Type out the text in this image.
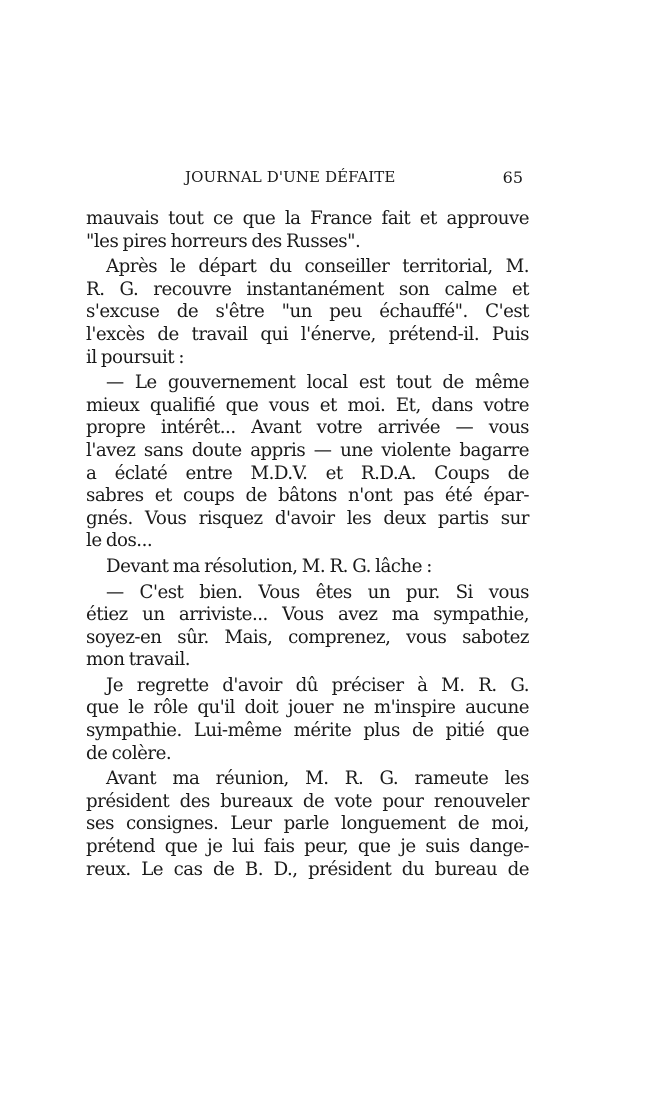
JOURNAL D'UNE DÉFAITE	65
mauvais tout ce que la France fait et approuve
"les pires horreurs des Russes".
Après le départ du conseiller territorial, M.
R. G. recouvre instantanément son calme et
s'excuse de s'être "un peu échauffé". C'est
l'excès de travail qui l'énerve, prétend-il. Puis
il poursuit :
— Le gouvernement local est tout de même
mieux qualifié que vous et moi. Et, dans votre
propre intérêt... Avant votre arrivée — vous
l'avez sans doute appris — une violente bagarre
a éclaté entre M.D.V. et R.D.A. Coups de
sabres et coups de bâtons n'ont pas été épar-
gnés. Vous risquez d'avoir les deux partis sur
le dos...
Devant ma résolution, M. R. G. lâche :
— C'est bien. Vous êtes un pur. Si vous
étiez un arriviste... Vous avez ma sympathie,
soyez-en sûr. Mais, comprenez, vous sabotez
mon travail.
Je regrette d'avoir dû préciser à M. R. G.
que le rôle qu'il doit jouer ne m'inspire aucune
sympathie. Lui-même mérite plus de pitié que
de colère.
Avant ma réunion, M. R. G. rameute les
président des bureaux de vote pour renouveler
ses consignes. Leur parle longuement de moi,
prétend que je lui fais peur, que je suis dange-
reux. Le cas de B. D., président du bureau de
